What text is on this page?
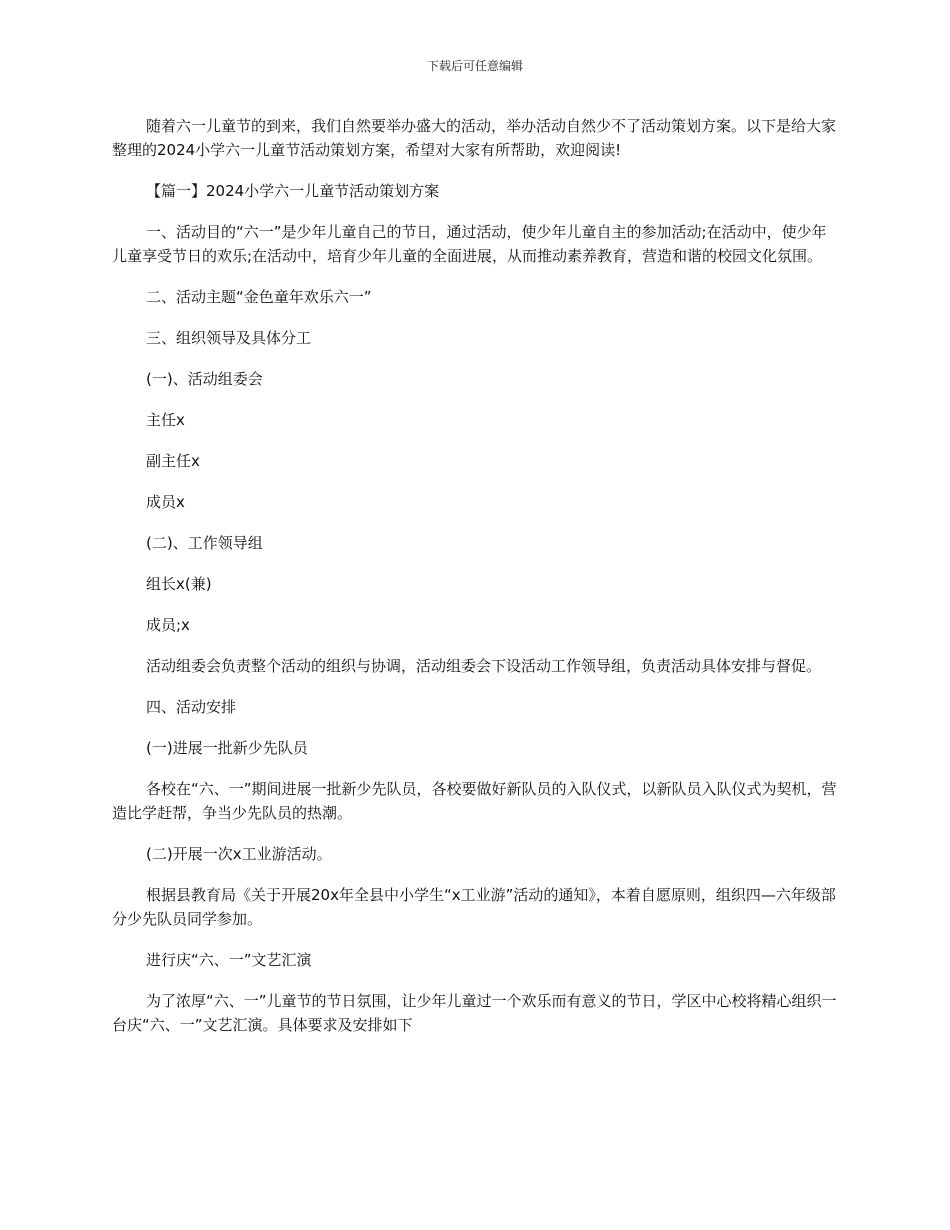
下载后可任意编辑

随着六一儿童节的到来，我们自然要举办盛大的活动，举办活动自然少不了活动策划方案。以下是给大家整理的2024小学六一儿童节活动策划方案，希望对大家有所帮助，欢迎阅读!

【篇一】2024小学六一儿童节活动策划方案

一、活动目的“六一”是少年儿童自己的节日，通过活动，使少年儿童自主的参加活动;在活动中，使少年儿童享受节日的欢乐;在活动中，培育少年儿童的全面进展，从而推动素养教育，营造和谐的校园文化氛围。

二、活动主题“金色童年欢乐六一”

三、组织领导及具体分工

(一)、活动组委会

主任x

副主任x

成员x

(二)、工作领导组

组长x(兼)

成员;x

活动组委会负责整个活动的组织与协调，活动组委会下设活动工作领导组，负责活动具体安排与督促。

四、活动安排

(一)进展一批新少先队员

各校在“六、一”期间进展一批新少先队员，各校要做好新队员的入队仪式，以新队员入队仪式为契机，营造比学赶帮，争当少先队员的热潮。

(二)开展一次x工业游活动。

根据县教育局《关于开展20x年全县中小学生“x工业游”活动的通知》，本着自愿原则，组织四—六年级部分少先队员同学参加。

进行庆“六、一”文艺汇演

为了浓厚“六、一”儿童节的节日氛围，让少年儿童过一个欢乐而有意义的节日，学区中心校将精心组织一台庆“六、一”文艺汇演。具体要求及安排如下
